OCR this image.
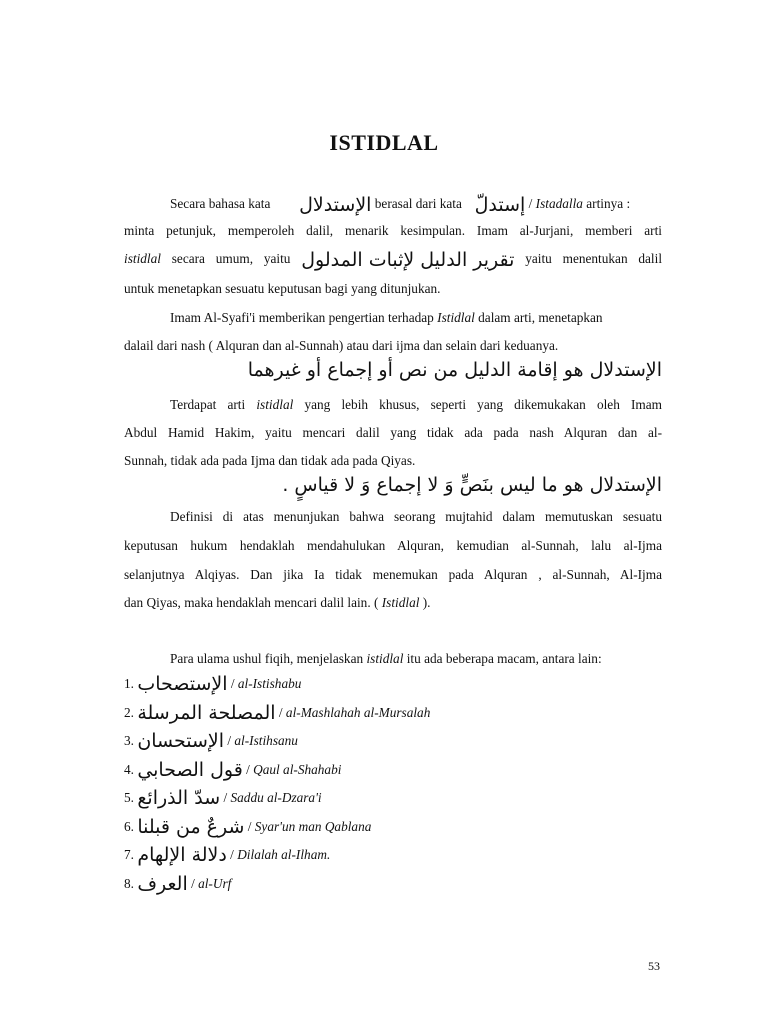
ISTIDLAL
Secara bahasa kata الإستدلال berasal dari kata إستدلّ / Istadalla artinya :
minta petunjuk, memperoleh dalil, menarik kesimpulan. Imam al-Jurjani, memberi arti
istidlal secara umum, yaitu تقرير الدليل لإثبات المدلول yaitu menentukan dalil
untuk menetapkan sesuatu keputusan bagi yang ditunjukan.
Imam Al-Syafi'i memberikan pengertian terhadap Istidlal dalam arti, menetapkan
dalail dari nash ( Alquran dan al-Sunnah) atau dari ijma dan selain dari keduanya.
الإستدلال هو إقامة الدليل من نص أو إجماع أو غيرهما
Terdapat arti istidlal yang lebih khusus, seperti yang dikemukakan oleh Imam
Abdul Hamid Hakim, yaitu mencari dalil yang tidak ada pada nash Alquran dan al-
Sunnah, tidak ada pada Ijma dan tidak ada pada Qiyas.
الإستدلال هو ما ليس بنَصٍّ وَ لا إجماع وَ لا قياسٍ .
Definisi di atas menunjukan bahwa seorang mujtahid dalam memutuskan sesuatu
keputusan hukum hendaklah mendahulukan Alquran, kemudian al-Sunnah, lalu al-Ijma
selanjutnya Alqiyas. Dan jika Ia tidak menemukan pada Alquran , al-Sunnah, Al-Ijma
dan Qiyas, maka hendaklah mencari dalil lain. ( Istidlal ).
Para ulama ushul fiqih, menjelaskan istidlal itu ada beberapa macam, antara lain:
1. الإستصحاب / al-Istishabu
2. المصلحة المرسلة / al-Mashlahah al-Mursalah
3. الإستحسان / al-Istihsanu
4. قول الصحابي / Qaul al-Shahabi
5. سدّ الذرائع / Saddu al-Dzara'i
6. شرعٌ من قبلنا / Syar'un man Qablana
7. دلالة الإلهام / Dilalah al-Ilham.
8. العرف / al-Urf
53
